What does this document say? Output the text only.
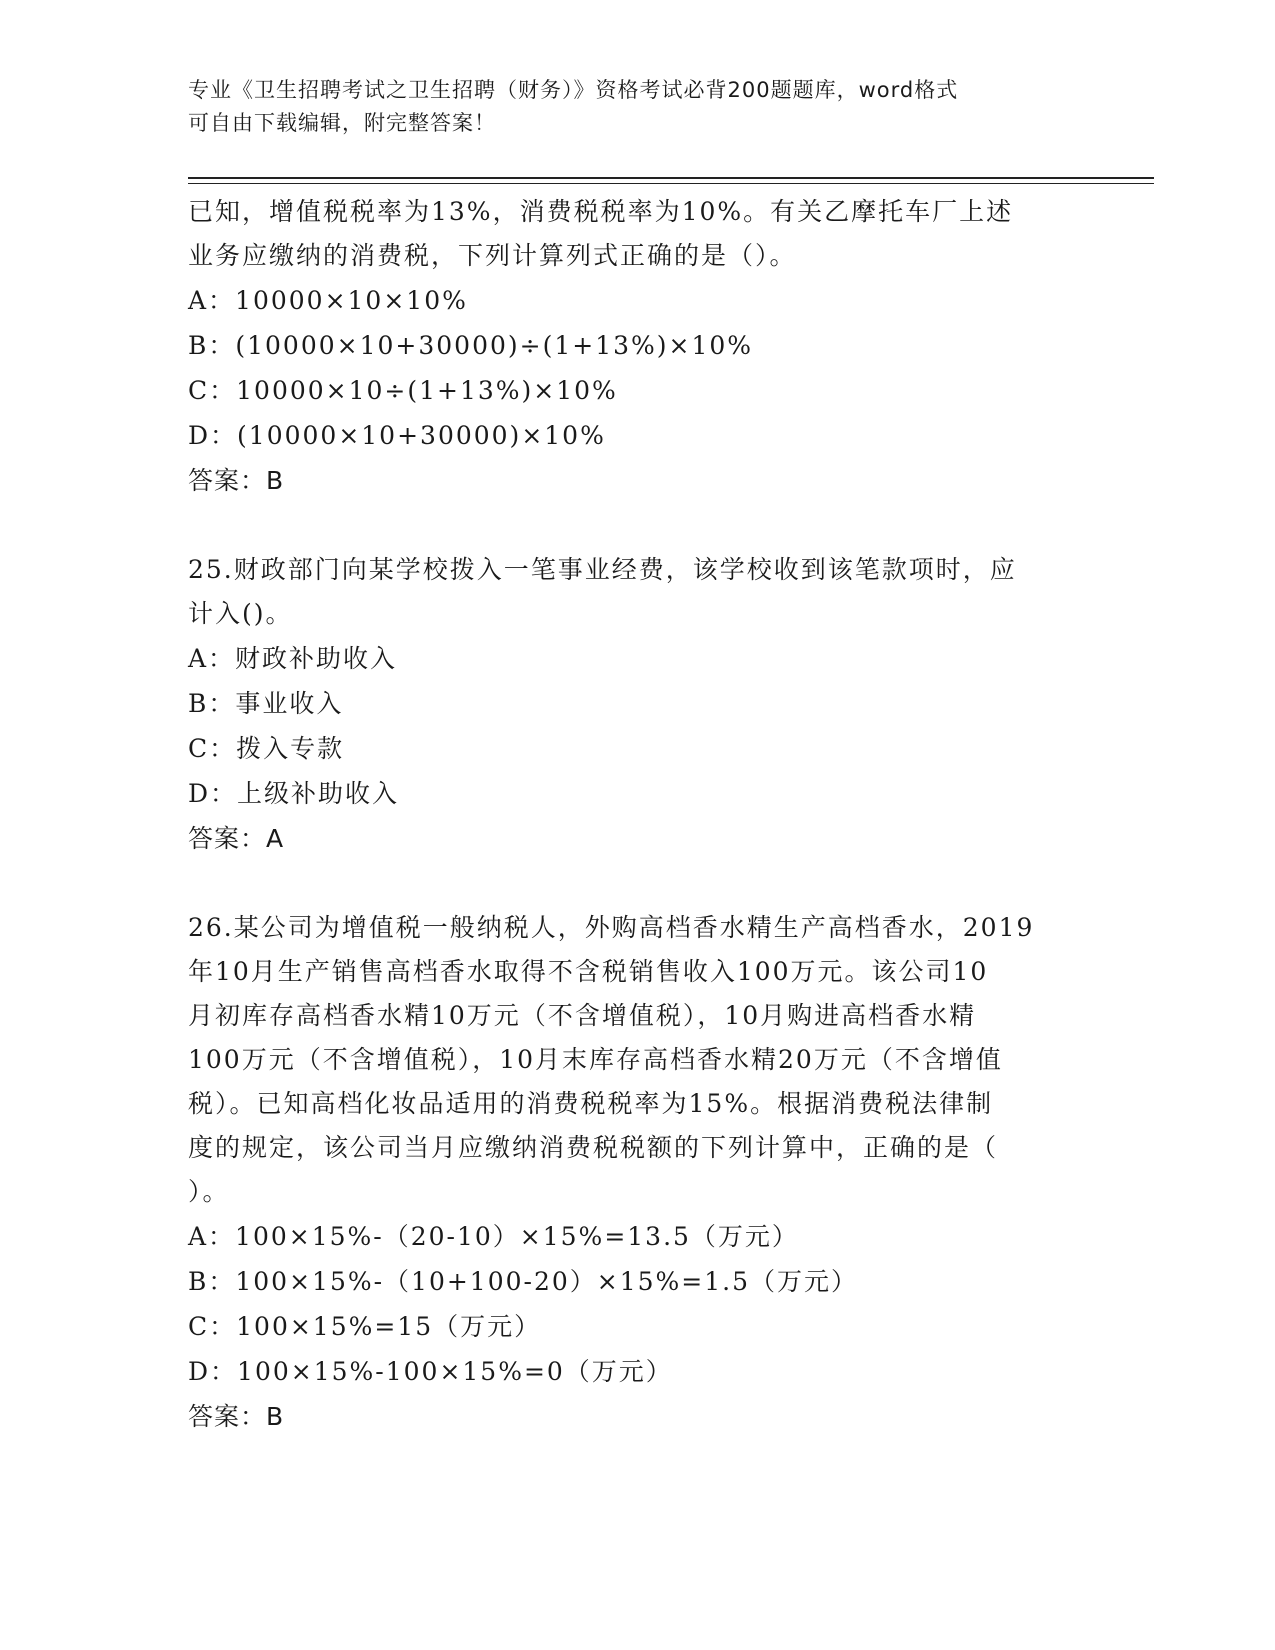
专业《卫生招聘考试之卫生招聘（财务）》资格考试必背200题题库，word格式
可自由下载编辑，附完整答案！

已知，增值税税率为13%，消费税税率为10%。有关乙摩托车厂上述

业务应缴纳的消费税，下列计算列式正确的是（）。

A：10000×10×10%

B：(10000×10+30000)÷(1+13%)×10%

C：10000×10÷(1+13%)×10%

D：(10000×10+30000)×10%

答案：B

25.财政部门向某学校拨入一笔事业经费，该学校收到该笔款项时，应

计入()。

A：财政补助收入

B：事业收入

C：拨入专款

D：上级补助收入

答案：A

26.某公司为增值税一般纳税人，外购高档香水精生产高档香水，2019

年10月生产销售高档香水取得不含税销售收入100万元。该公司10

月初库存高档香水精10万元（不含增值税），10月购进高档香水精

100万元（不含增值税），10月末库存高档香水精20万元（不含增值

税）。已知高档化妆品适用的消费税税率为15%。根据消费税法律制

度的规定，该公司当月应缴纳消费税税额的下列计算中，正确的是（

）。

A：100×15%-（20-10）×15%=13.5（万元）

B：100×15%-（10+100-20）×15%=1.5（万元）

C：100×15%=15（万元）

D：100×15%-100×15%=0（万元）

答案：B
